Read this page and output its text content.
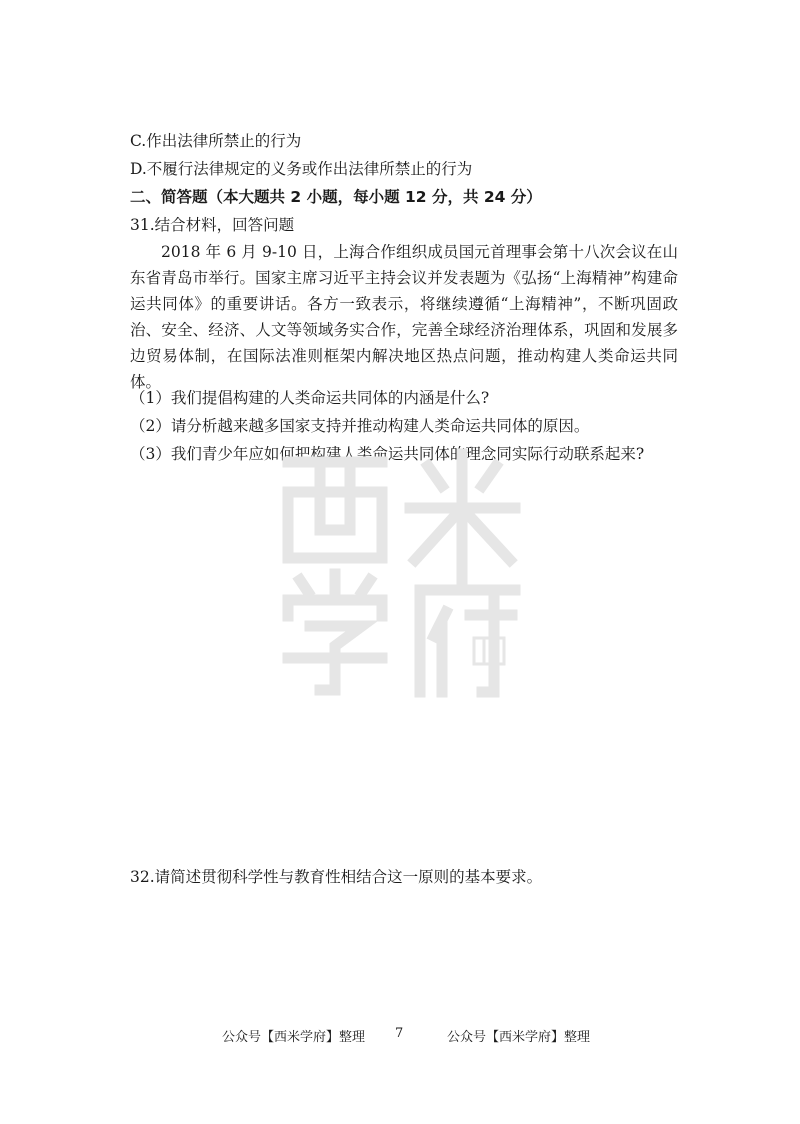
C.作出法律所禁止的行为
D.不履行法律规定的义务或作出法律所禁止的行为
二、简答题（本大题共 2 小题，每小题 12 分，共 24 分）
31.结合材料，回答问题
2018 年 6 月 9-10 日，上海合作组织成员国元首理事会第十八次会议在山东省青岛市举行。国家主席习近平主持会议并发表题为《弘扬“上海精神”构建命运共同体》的重要讲话。各方一致表示，将继续遵循“上海精神”，不断巩固政治、安全、经济、人文等领域务实合作，完善全球经济治理体系，巩固和发展多边贸易体制，在国际法准则框架内解决地区热点问题，推动构建人类命运共同体。
（1）我们提倡构建的人类命运共同体的内涵是什么?
（2）请分析越来越多国家支持并推动构建人类命运共同体的原因。
（3）我们青少年应如何把构建人类命运共同体的理念同实际行动联系起来?
32.请简述贯彻科学性与教育性相结合这一原则的基本要求。
公众号【西米学府】整理 7	公众号【西米学府】整理
